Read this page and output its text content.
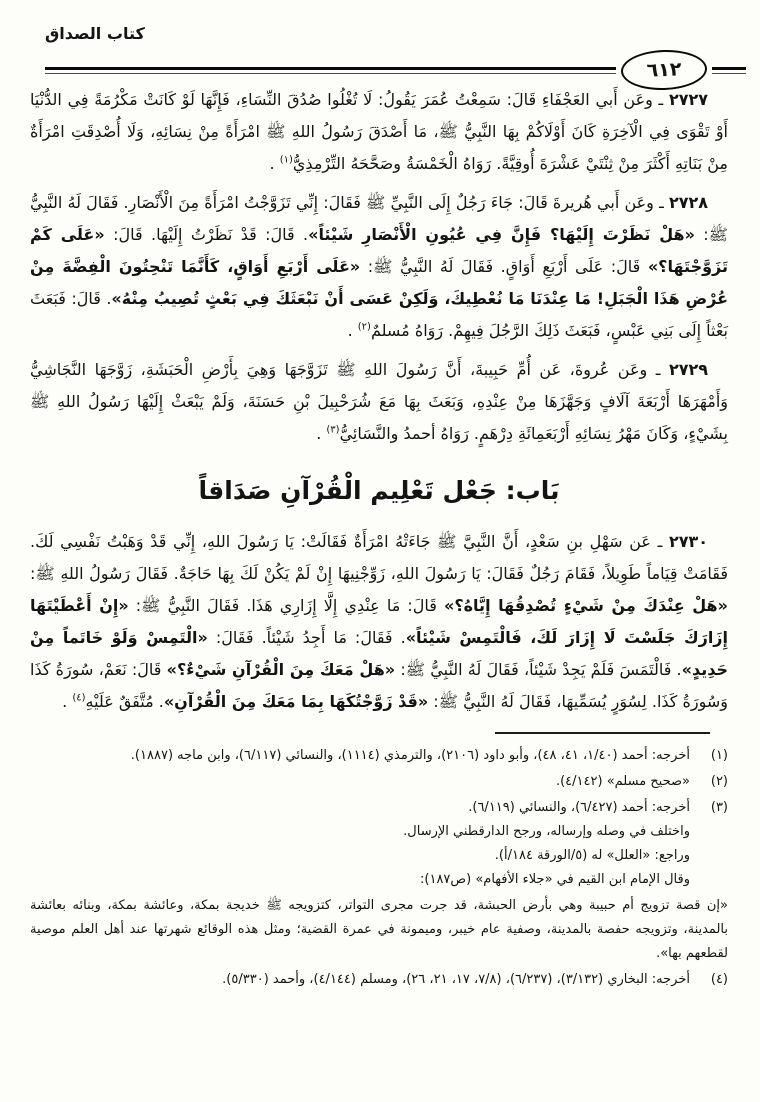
كتاب الصداق
٦١٢

٢٧٢٧ ـ وعَن أَبي العَجْفَاءِ قَالَ: سَمِعْتُ عُمَرَ يَقُولُ: لَا تُغْلُوا صُدُقَ النِّسَاءِ، فَإِنَّهَا لَوْ كَانَتْ مَكْرُمَةً فِي الدُّنْيَا أَوْ تَقْوَى فِي الْآخِرَةِ كَانَ أَوْلَاكُمْ بِهَا النَّبِيُّ ﷺ، مَا أَصْدَقَ رَسُولُ اللهِ ﷺ امْرَأَةً مِنْ نِسَائِهِ، وَلَا أُصْدِقَتِ امْرَأَةٌ مِنْ بَنَاتِهِ أَكْثَرَ مِنْ ثِنْتَيْ عَشْرَةَ أُوقِيَّةً. رَوَاهُ الْخَمْسَةُ وصَحَّحَهُ التِّرْمِذِيُّ$^{(١)}$ .

٢٧٢٨ ـ وعَن أَبي هُريرةَ قَالَ: جَاءَ رَجُلٌ إِلَى النَّبِيِّ ﷺ فَقَالَ: إِنِّي تَزَوَّجْتُ امْرَأَةً مِنَ الْأَنْصَارِ. فَقَالَ لَهُ النَّبِيُّ ﷺ: «هَلْ نَظَرْتَ إِلَيْهَا؟ فَإِنَّ فِي عُيُونِ الْأَنْصَارِ شَيْئاً». قَالَ: قَدْ نَظَرْتُ إِلَيْهَا. قَالَ: «عَلَى كَمْ تَزَوَّجْتَهَا؟» قَالَ: عَلَى أَرْبَعِ أَوَاقٍ. فَقَالَ لَهُ النَّبِيُّ ﷺ: «عَلَى أَرْبَعِ أَوَاقٍ، كَأَنَّمَا تَنْحِتُونَ الْفِضَّةَ مِنْ عُرْضِ هَذَا الْجَبَلِ! مَا عِنْدَنَا مَا نُعْطِيكَ، وَلَكِنْ عَسَى أَنْ نَبْعَثَكَ فِي بَعْثٍ تُصِيبُ مِنْهُ». قَالَ: فَبَعَثَ بَعْثاً إِلَى بَنِي عَبْسٍ، فَبَعَثَ ذَلِكَ الرَّجُلَ فِيهِمْ. رَوَاهُ مُسلمٌ$^{(٢)}$ .

٢٧٢٩ ـ وعَن عُروةَ، عَن أُمِّ حَبِيبةَ، أَنَّ رَسُولَ اللهِ ﷺ تَزَوَّجَهَا وَهِيَ بِأَرْضِ الْحَبَشَةِ، زَوَّجَهَا النَّجَاشِيُّ وَأَمْهَرَهَا أَرْبَعَةَ آلَافٍ وَجَهَّزَهَا مِنْ عِنْدِهِ، وَبَعَثَ بِهَا مَعَ شُرَحْبِيلَ بْنِ حَسَنَةَ، وَلَمْ يَبْعَثْ إِلَيْهَا رَسُولُ اللهِ ﷺ بِشَيْءٍ، وَكَانَ مَهْرُ نِسَائِهِ أَرْبَعَمِائَةِ دِرْهَمٍ. رَوَاهُ أحمدُ والنَّسَائِيُّ$^{(٣)}$ .

بَاب: جَعْل تَعْلِيم الْقُرْآنِ صَدَاقاً

٢٧٣٠ ـ عَن سَهْلِ بنِ سَعْدٍ، أَنَّ النَّبِيَّ ﷺ جَاءَتْهُ امْرَأَةٌ فَقَالَتْ: يَا رَسُولَ اللهِ، إِنِّي قَدْ وَهَبْتُ نَفْسِي لَكَ. فَقَامَتْ قِيَاماً طَوِيلاً، فَقَامَ رَجُلٌ فَقَالَ: يَا رَسُولَ اللهِ، زَوِّجْنِيهَا إِنْ لَمْ يَكُنْ لَكَ بِهَا حَاجَةٌ. فَقَالَ رَسُولُ اللهِ ﷺ: «هَلْ عِنْدَكَ مِنْ شَيْءٍ تُصْدِقُهَا إِيَّاهُ؟» قَالَ: مَا عِنْدِي إِلَّا إِزَارِي هَذَا. فَقَالَ النَّبِيُّ ﷺ: «إِنْ أَعْطَيْتَهَا إِزَارَكَ جَلَسْتَ لَا إِزَارَ لَكَ، فَالْتَمِسْ شَيْئاً». فَقَالَ: مَا أَجِدُ شَيْئاً. فَقَالَ: «الْتَمِسْ وَلَوْ خَاتَماً مِنْ حَدِيدٍ». فَالْتَمَسَ فَلَمْ يَجِدْ شَيْئاً، فَقَالَ لَهُ النَّبِيُّ ﷺ: «هَلْ مَعَكَ مِنَ الْقُرْآنِ شَيْءٌ؟» قَالَ: نَعَمْ، سُورَةُ كَذَا وَسُورَةُ كَذَا. لِسُوَرٍ يُسَمِّيهَا، فَقَالَ لَهُ النَّبِيُّ ﷺ: «قَدْ زَوَّجْتُكَهَا بِمَا مَعَكَ مِنَ الْقُرْآنِ». مُتَّفَقٌ عَلَيْهِ$^{(٤)}$ .

(١)
أخرجه: أحمد (١/٤٠، ٤١، ٤٨)، وأبو داود (٢١٠٦)، والترمذي (١١١٤)، والنسائي (٦/١١٧)، وابن ماجه (١٨٨٧).
(٢)
«صحيح مسلم» (٤/١٤٢).
(٣)
أخرجه: أحمد (٦/٤٢٧)، والنسائي (٦/١١٩).
واختلف في وصله وإرساله، ورجح الدارقطني الإرسال.
وراجع: «العلل» له (٥/الورقة ١٨٤/أ).
وقال الإمام ابن القيم في «جلاء الأفهام» (ص١٨٧):
«إن قصة تزويج أم حبيبة وهي بأرض الحبشة، قد جرت مجرى التواتر، كتزويجه ﷺ خديجة بمكة، وعائشة بمكة، وبنائه بعائشة بالمدينة، وتزويجه حفصة بالمدينة، وصفية عام خيبر، وميمونة في عمرة القضية؛ ومثل هذه الوقائع شهرتها عند أهل العلم موصية لقطعهم بها».
(٤)
أخرجه: البخاري (٣/١٣٢)، (٦/٢٣٧)، (٧/٨، ١٧، ٢١، ٢٦)، ومسلم (٤/١٤٤)، وأحمد (٥/٣٣٠).
